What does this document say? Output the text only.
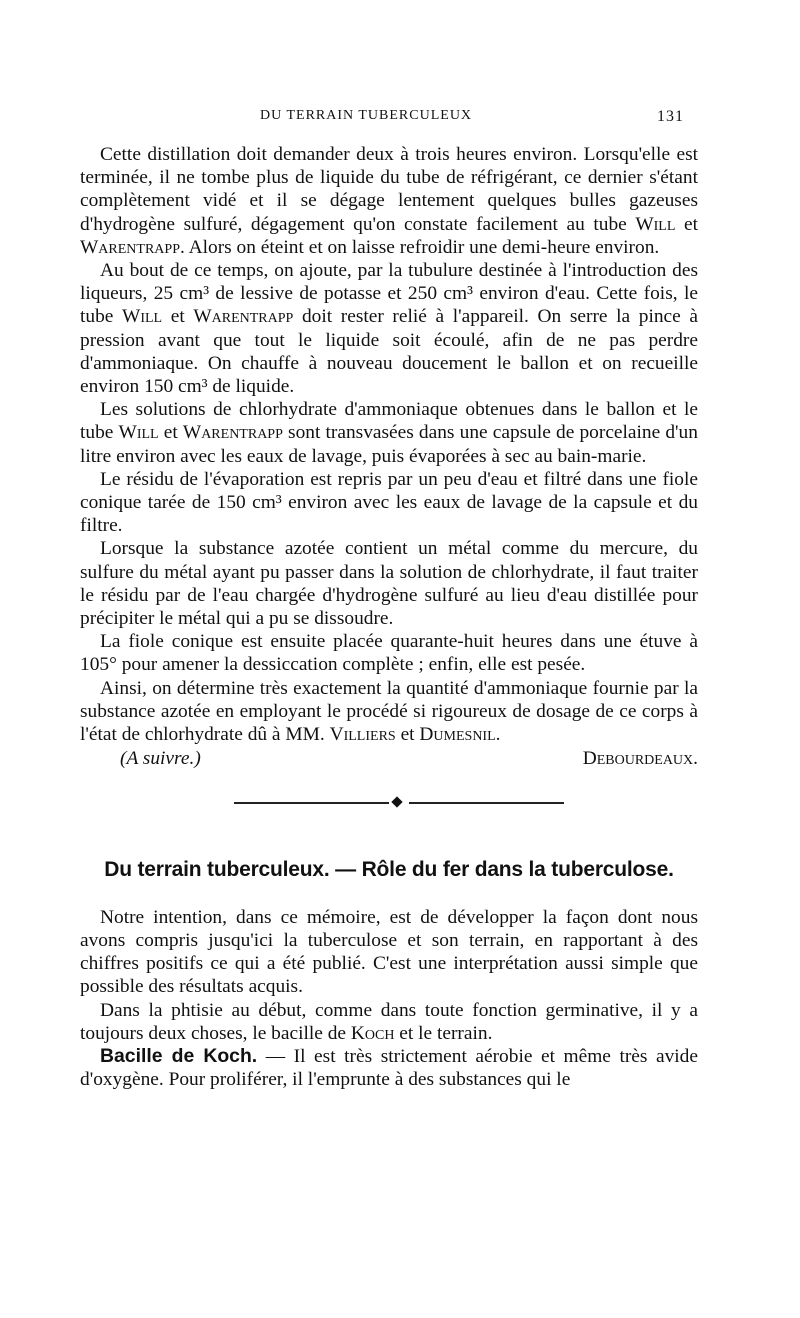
DU TERRAIN TUBERCULEUX	131

Cette distillation doit demander deux à trois heures environ. Lorsqu'elle est terminée, il ne tombe plus de liquide du tube de réfrigérant, ce dernier s'étant complètement vidé et il se dégage lentement quelques bulles gazeuses d'hydrogène sulfuré, dégagement qu'on constate facilement au tube Will et Warentrapp. Alors on éteint et on laisse refroidir une demi-heure environ.

Au bout de ce temps, on ajoute, par la tubulure destinée à l'introduction des liqueurs, 25 cm³ de lessive de potasse et 250 cm³ environ d'eau. Cette fois, le tube Will et Warentrapp doit rester relié à l'appareil. On serre la pince à pression avant que tout le liquide soit écoulé, afin de ne pas perdre d'ammoniaque. On chauffe à nouveau doucement le ballon et on recueille environ 150 cm³ de liquide.

Les solutions de chlorhydrate d'ammoniaque obtenues dans le ballon et le tube Will et Warentrapp sont transvasées dans une capsule de porcelaine d'un litre environ avec les eaux de lavage, puis évaporées à sec au bain-marie.

Le résidu de l'évaporation est repris par un peu d'eau et filtré dans une fiole conique tarée de 150 cm³ environ avec les eaux de lavage de la capsule et du filtre.

Lorsque la substance azotée contient un métal comme du mercure, du sulfure du métal ayant pu passer dans la solution de chlorhydrate, il faut traiter le résidu par de l'eau chargée d'hydrogène sulfuré au lieu d'eau distillée pour précipiter le métal qui a pu se dissoudre.

La fiole conique est ensuite placée quarante-huit heures dans une étuve à 105° pour amener la dessiccation complète ; enfin, elle est pesée.

Ainsi, on détermine très exactement la quantité d'ammoniaque fournie par la substance azotée en employant le procédé si rigoureux de dosage de ce corps à l'état de chlorhydrate dû à MM. Villiers et Dumesnil.

(A suivre.)	Debourdeaux.
Du terrain tuberculeux. — Rôle du fer dans la tuberculose.

Notre intention, dans ce mémoire, est de développer la façon dont nous avons compris jusqu'ici la tuberculose et son terrain, en rapportant à des chiffres positifs ce qui a été publié. C'est une interprétation aussi simple que possible des résultats acquis.

Dans la phtisie au début, comme dans toute fonction germinative, il y a toujours deux choses, le bacille de Koch et le terrain.

Bacille de Koch. — Il est très strictement aérobie et même très avide d'oxygène. Pour proliférer, il l'emprunte à des substances qui le
